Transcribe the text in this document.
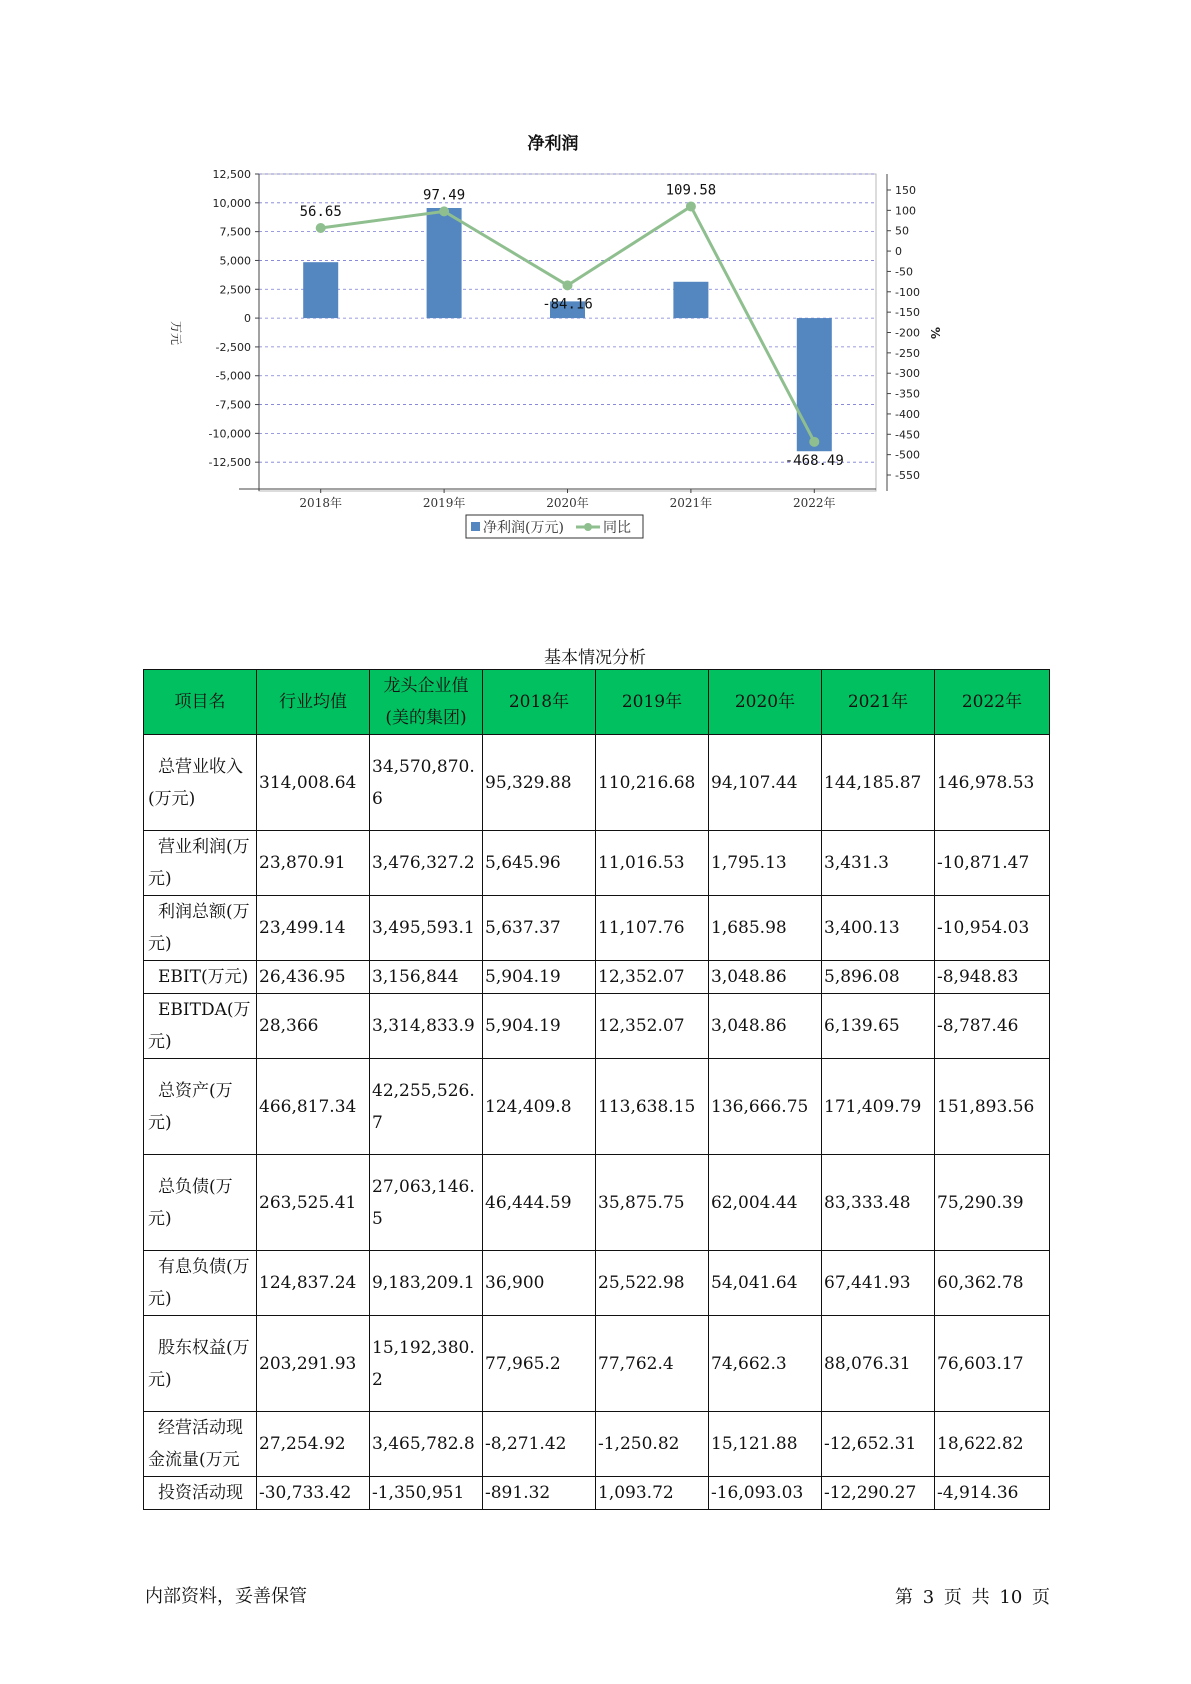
净利润
12,500
10,000
7,500
5,000
2,500
0
-2,500
-5,000
-7,500
-10,000
-12,500
150
100
50
0
-50
-100
-150
-200
-250
-300
-350
-400
-450
-500
-550
2018年	2019年	2020年	2021年	2022年
万元	%
56.65
97.49
-84.16
109.58
-468.49
净利润(万元)	同比
基本情况分析
项目名	行业均值	龙头企业值(美的集团)	2018年	2019年	2020年	2021年	2022年
总营业收入(万元)	314,008.64	34,570,870.6	95,329.88	110,216.68	94,107.44	144,185.87	146,978.53
营业利润(万元)	23,870.91	3,476,327.2	5,645.96	11,016.53	1,795.13	3,431.3	-10,871.47
利润总额(万元)	23,499.14	3,495,593.1	5,637.37	11,107.76	1,685.98	3,400.13	-10,954.03
EBIT(万元)	26,436.95	3,156,844	5,904.19	12,352.07	3,048.86	5,896.08	-8,948.83
EBITDA(万元)	28,366	3,314,833.9	5,904.19	12,352.07	3,048.86	6,139.65	-8,787.46
总资产(万元)	466,817.34	42,255,526.7	124,409.8	113,638.15	136,666.75	171,409.79	151,893.56
总负债(万元)	263,525.41	27,063,146.5	46,444.59	35,875.75	62,004.44	83,333.48	75,290.39
有息负债(万元)	124,837.24	9,183,209.1	36,900	25,522.98	54,041.64	67,441.93	60,362.78
股东权益(万元)	203,291.93	15,192,380.2	77,965.2	77,762.4	74,662.3	88,076.31	76,603.17
经营活动现金流量(万元	27,254.92	3,465,782.8	-8,271.42	-1,250.82	15,121.88	-12,652.31	18,622.82
投资活动现	-30,733.42	-1,350,951	-891.32	1,093.72	-16,093.03	-12,290.27	-4,914.36
内部资料，妥善保管	第 3 页 共 10 页
